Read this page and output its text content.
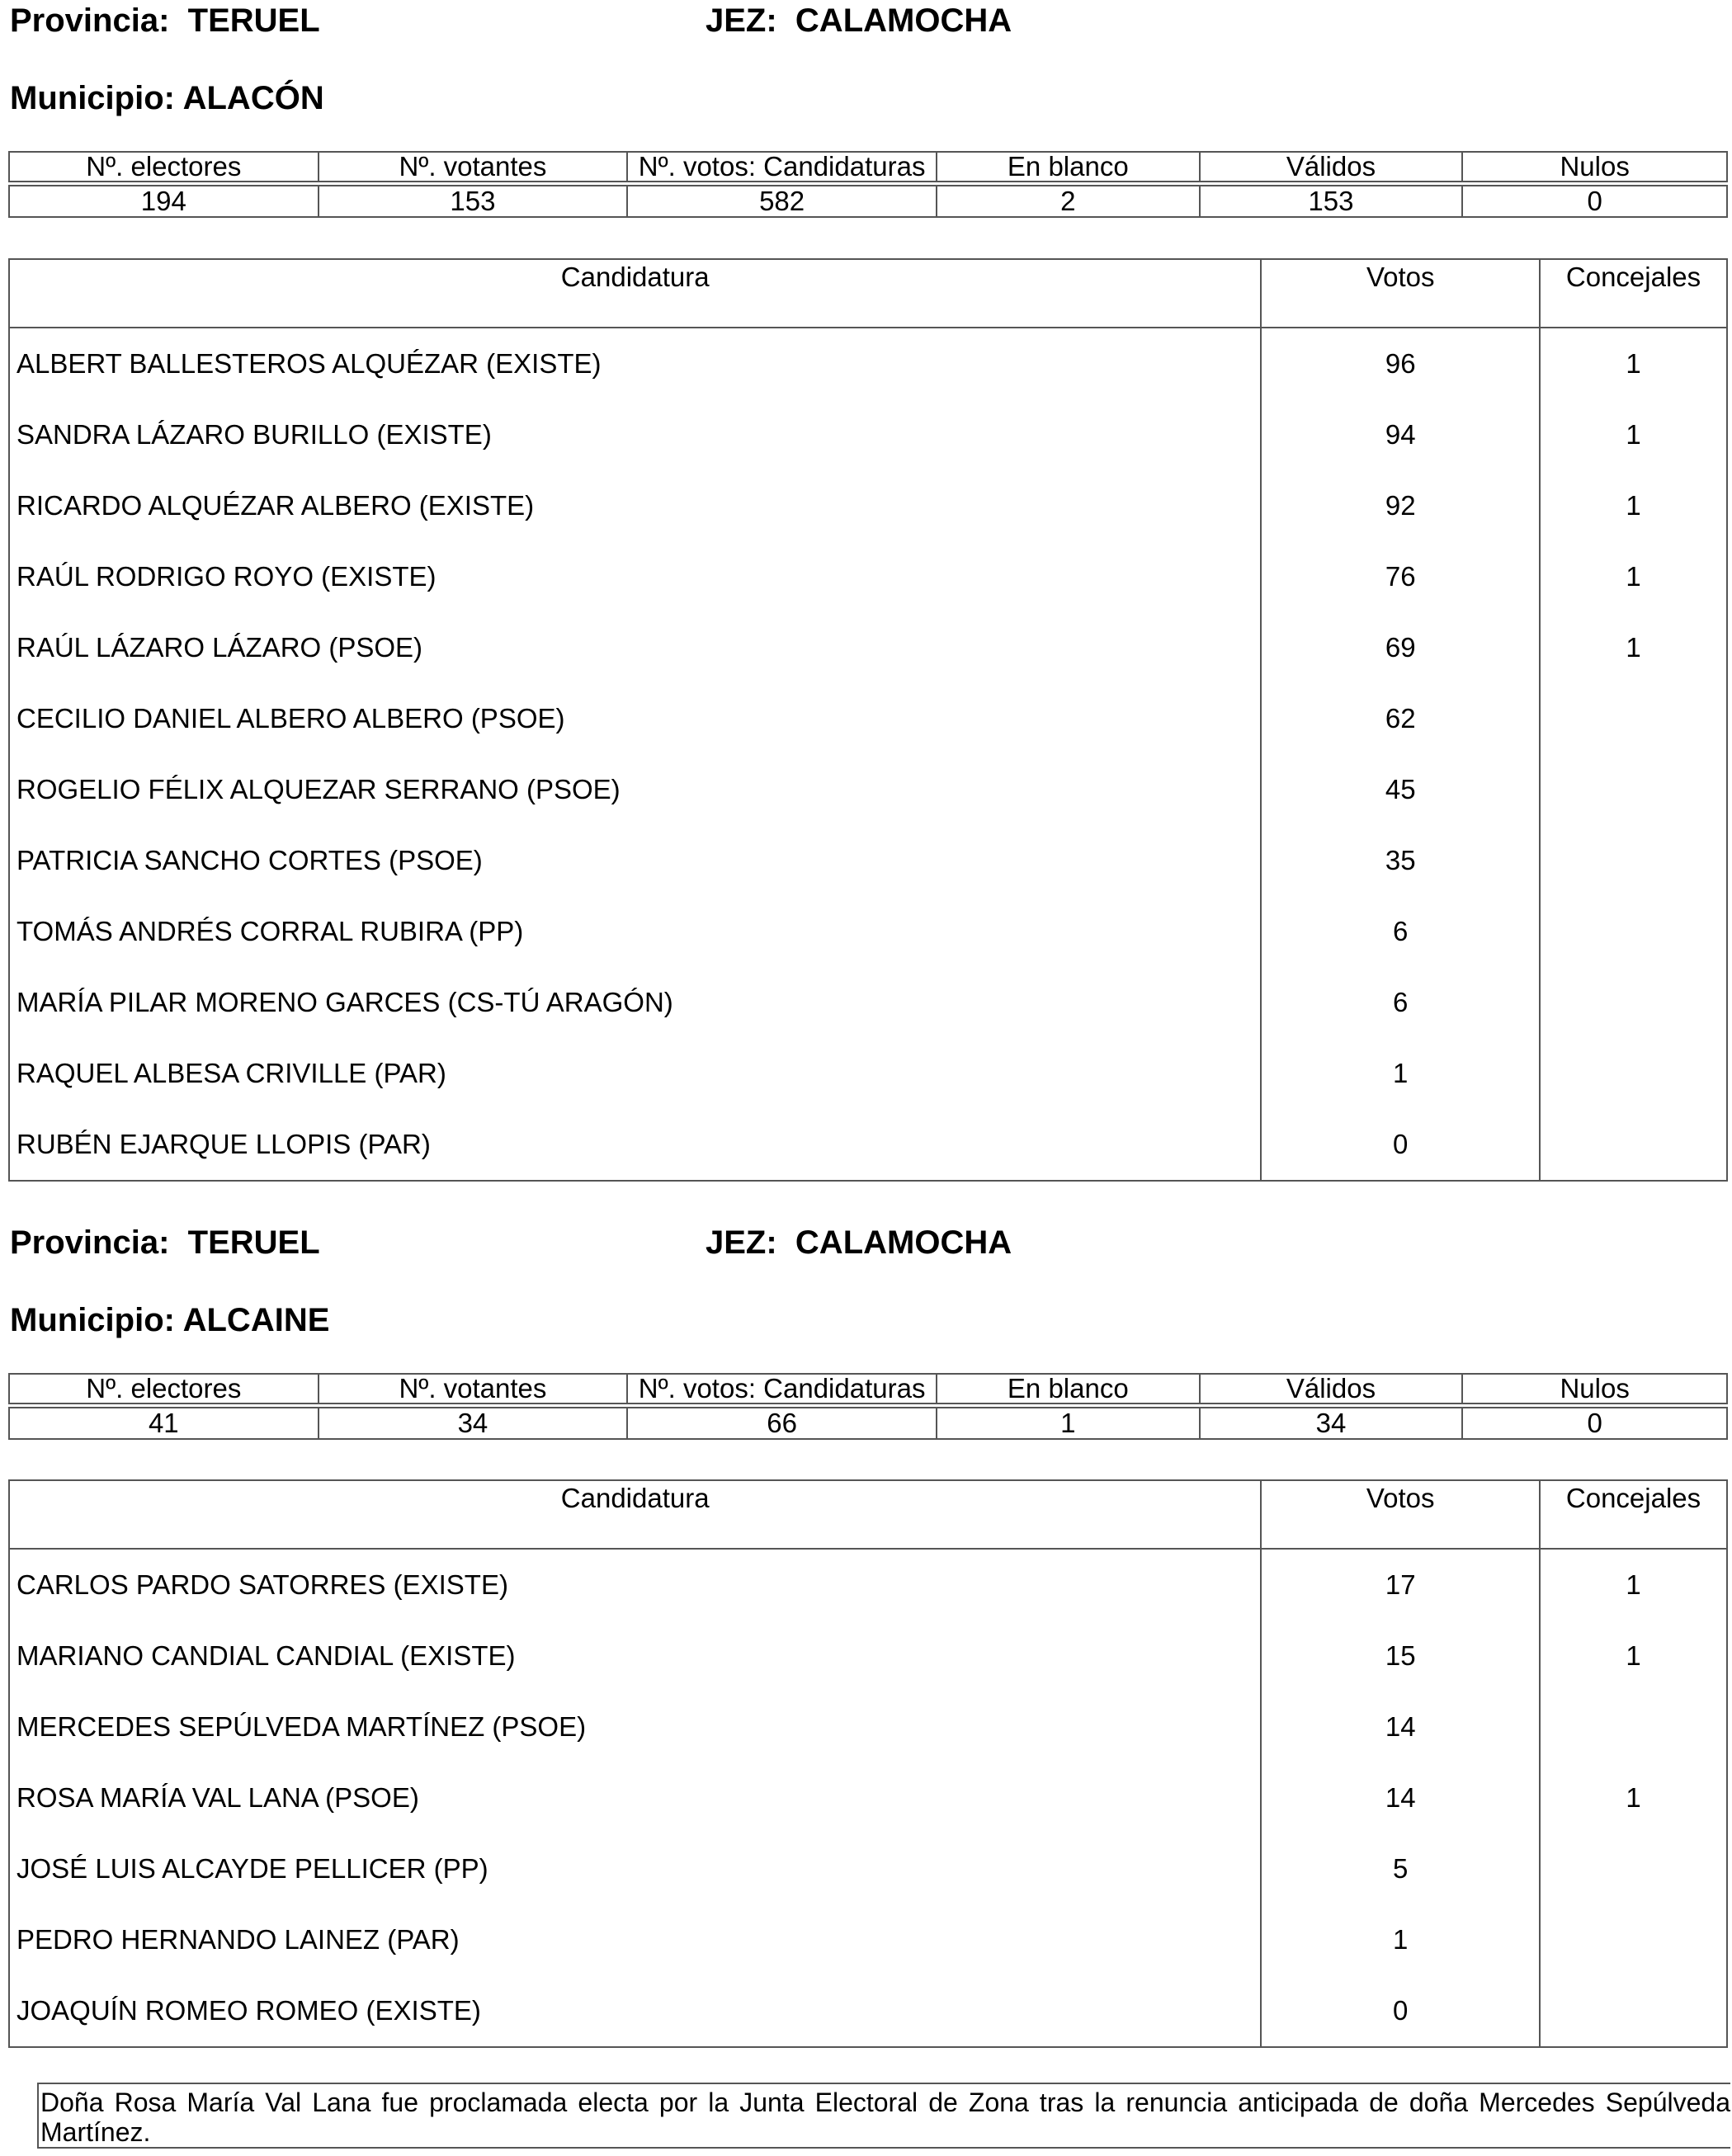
Provincia: TERUEL	JEZ: CALAMOCHA
Municipio: ALACÓN
Nº. electores	Nº. votantes	Nº. votos: Candidaturas	En blanco	Válidos	Nulos

194	153	582	2	153	0
Candidatura	Votos	Concejales
ALBERT BALLESTEROS ALQUÉZAR (EXISTE)	96	1
SANDRA LÁZARO BURILLO (EXISTE)	94	1
RICARDO ALQUÉZAR ALBERO (EXISTE)	92	1
RAÚL RODRIGO ROYO (EXISTE)	76	1
RAÚL LÁZARO LÁZARO (PSOE)	69	1
CECILIO DANIEL ALBERO ALBERO (PSOE)	62	
ROGELIO FÉLIX ALQUEZAR SERRANO (PSOE)	45	
PATRICIA SANCHO CORTES (PSOE)	35	
TOMÁS ANDRÉS CORRAL RUBIRA (PP)	6	
MARÍA PILAR MORENO GARCES (CS-TÚ ARAGÓN)	6	
RAQUEL ALBESA CRIVILLE (PAR)	1	
RUBÉN EJARQUE LLOPIS (PAR)	0	
Provincia: TERUEL	JEZ: CALAMOCHA
Municipio: ALCAINE
Nº. electores	Nº. votantes	Nº. votos: Candidaturas	En blanco	Válidos	Nulos

41	34	66	1	34	0
Candidatura	Votos	Concejales
CARLOS PARDO SATORRES (EXISTE)	17	1
MARIANO CANDIAL CANDIAL (EXISTE)	15	1
MERCEDES SEPÚLVEDA MARTÍNEZ (PSOE)	14	
ROSA MARÍA VAL LANA (PSOE)	14	1
JOSÉ LUIS ALCAYDE PELLICER (PP)	5	
PEDRO HERNANDO LAINEZ (PAR)	1	
JOAQUÍN ROMEO ROMEO (EXISTE)	0	
Doña Rosa María Val Lana fue proclamada electa por la Junta Electoral de Zona tras la renuncia anticipada de doña Mercedes Sepúlveda Martínez.
